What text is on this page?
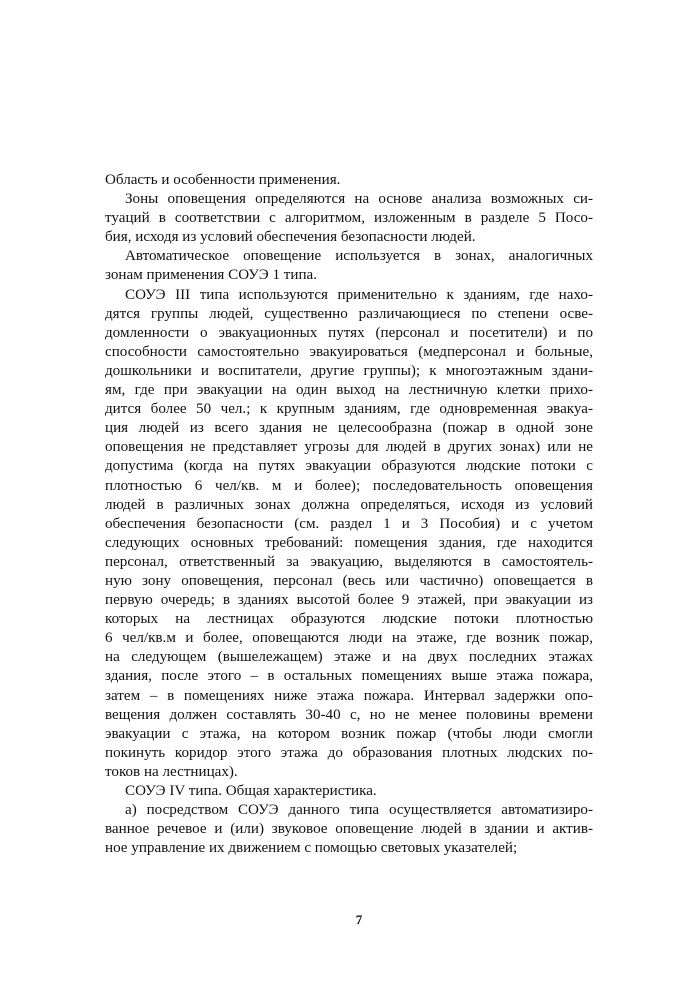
Область и особенности применения.
Зоны оповещения определяются на основе анализа возможных си-
туаций в соответствии с алгоритмом, изложенным в разделе 5 Посо-
бия, исходя из условий обеспечения безопасности людей.
Автоматическое оповещение используется в зонах, аналогичных
зонам применения СОУЭ 1 типа.
СОУЭ III типа используются применительно к зданиям, где нахо-
дятся группы людей, существенно различающиеся по степени осве-
домленности о эвакуационных путях (персонал и посетители) и по
способности самостоятельно эвакуироваться (медперсонал и больные,
дошкольники и воспитатели, другие группы); к многоэтажным здани-
ям, где при эвакуации на один выход на лестничную клетки прихо-
дится более 50 чел.; к крупным зданиям, где одновременная эвакуа-
ция людей из всего здания не целесообразна (пожар в одной зоне
оповещения не представляет угрозы для людей в других зонах) или не
допустима (когда на путях эвакуации образуются людские потоки с
плотностью 6 чел/кв. м и более); последовательность оповещения
людей в различных зонах должна определяться, исходя из условий
обеспечения безопасности (см. раздел 1 и 3 Пособия) и с учетом
следующих основных требований: помещения здания, где находится
персонал, ответственный за эвакуацию, выделяются в самостоятель-
ную зону оповещения, персонал (весь или частично) оповещается в
первую очередь; в зданиях высотой более 9 этажей, при эвакуации из
которых на лестницах образуются людские потоки плотностью
6 чел/кв.м и более, оповещаются люди на этаже, где возник пожар,
на следующем (вышележащем) этаже и на двух последних этажах
здания, после этого – в остальных помещениях выше этажа пожара,
затем – в помещениях ниже этажа пожара. Интервал задержки опо-
вещения должен составлять 30-40 с, но не менее половины времени
эвакуации с этажа, на котором возник пожар (чтобы люди смогли
покинуть коридор этого этажа до образования плотных людских по-
токов на лестницах).
СОУЭ IV типа. Общая характеристика.
а) посредством СОУЭ данного типа осуществляется автоматизиро-
ванное речевое и (или) звуковое оповещение людей в здании и актив-
ное управление их движением с помощью световых указателей;
7
